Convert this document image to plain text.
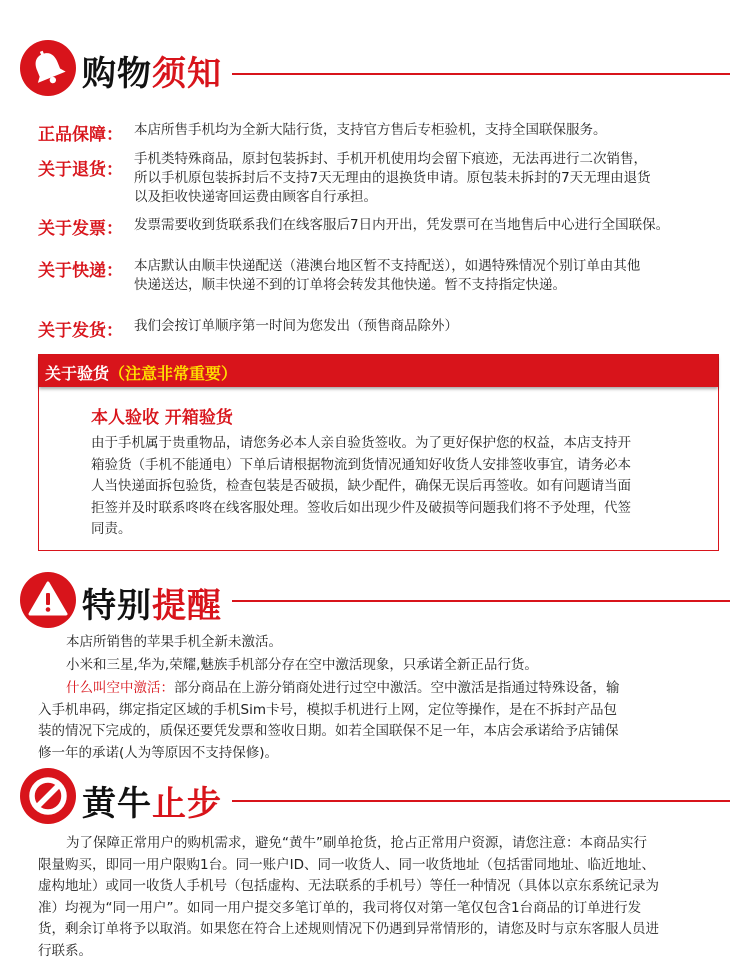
购物须知
正品保障： 本店所售手机均为全新大陆行货，支持官方售后专柜验机，支持全国联保服务。
关于退货：
手机类特殊商品，原封包装拆封、手机开机使用均会留下痕迹，无法再进行二次销售，
所以手机原包装拆封后不支持7天无理由的退换货申请。原包装未拆封的7天无理由退货
以及拒收快递寄回运费由顾客自行承担。
关于发票： 发票需要收到货联系我们在线客服后7日内开出，凭发票可在当地售后中心进行全国联保。
关于快递： 本店默认由顺丰快递配送（港澳台地区暂不支持配送），如遇特殊情况个别订单由其他
快递送达，顺丰快递不到的订单将会转发其他快递。暂不支持指定快递。
关于发货： 我们会按订单顺序第一时间为您发出（预售商品除外）
关于验货（注意非常重要）
本人验收 开箱验货
由于手机属于贵重物品，请您务必本人亲自验货签收。为了更好保护您的权益，本店支持开
箱验货（手机不能通电）下单后请根据物流到货情况通知好收货人安排签收事宜，请务必本
人当快递面拆包验货，检查包装是否破损，缺少配件，确保无误后再签收。如有问题请当面
拒签并及时联系咚咚在线客服处理。签收后如出现少件及破损等问题我们将不予处理，代签
同责。
特别提醒
本店所销售的苹果手机全新未激活。
小米和三星,华为,荣耀,魅族手机部分存在空中激活现象，只承诺全新正品行货。
什么叫空中激活：部分商品在上游分销商处进行过空中激活。空中激活是指通过特殊设备，输
入手机串码，绑定指定区域的手机Sim卡号，模拟手机进行上网，定位等操作，是在不拆封产品包
装的情况下完成的，质保还要凭发票和签收日期。如若全国联保不足一年，本店会承诺给予店铺保
修一年的承诺(人为等原因不支持保修)。
黄牛止步
为了保障正常用户的购机需求，避免“黄牛”刷单抢货，抢占正常用户资源，请您注意：本商品实行
限量购买，即同一用户限购1台。同一账户ID、同一收货人、同一收货地址（包括雷同地址、临近地址、
虚构地址）或同一收货人手机号（包括虚构、无法联系的手机号）等任一种情况（具体以京东系统记录为
准）均视为“同一用户”。如同一用户提交多笔订单的，我司将仅对第一笔仅包含1台商品的订单进行发
货，剩余订单将予以取消。如果您在符合上述规则情况下仍遇到异常情形的，请您及时与京东客服人员进
行联系。
